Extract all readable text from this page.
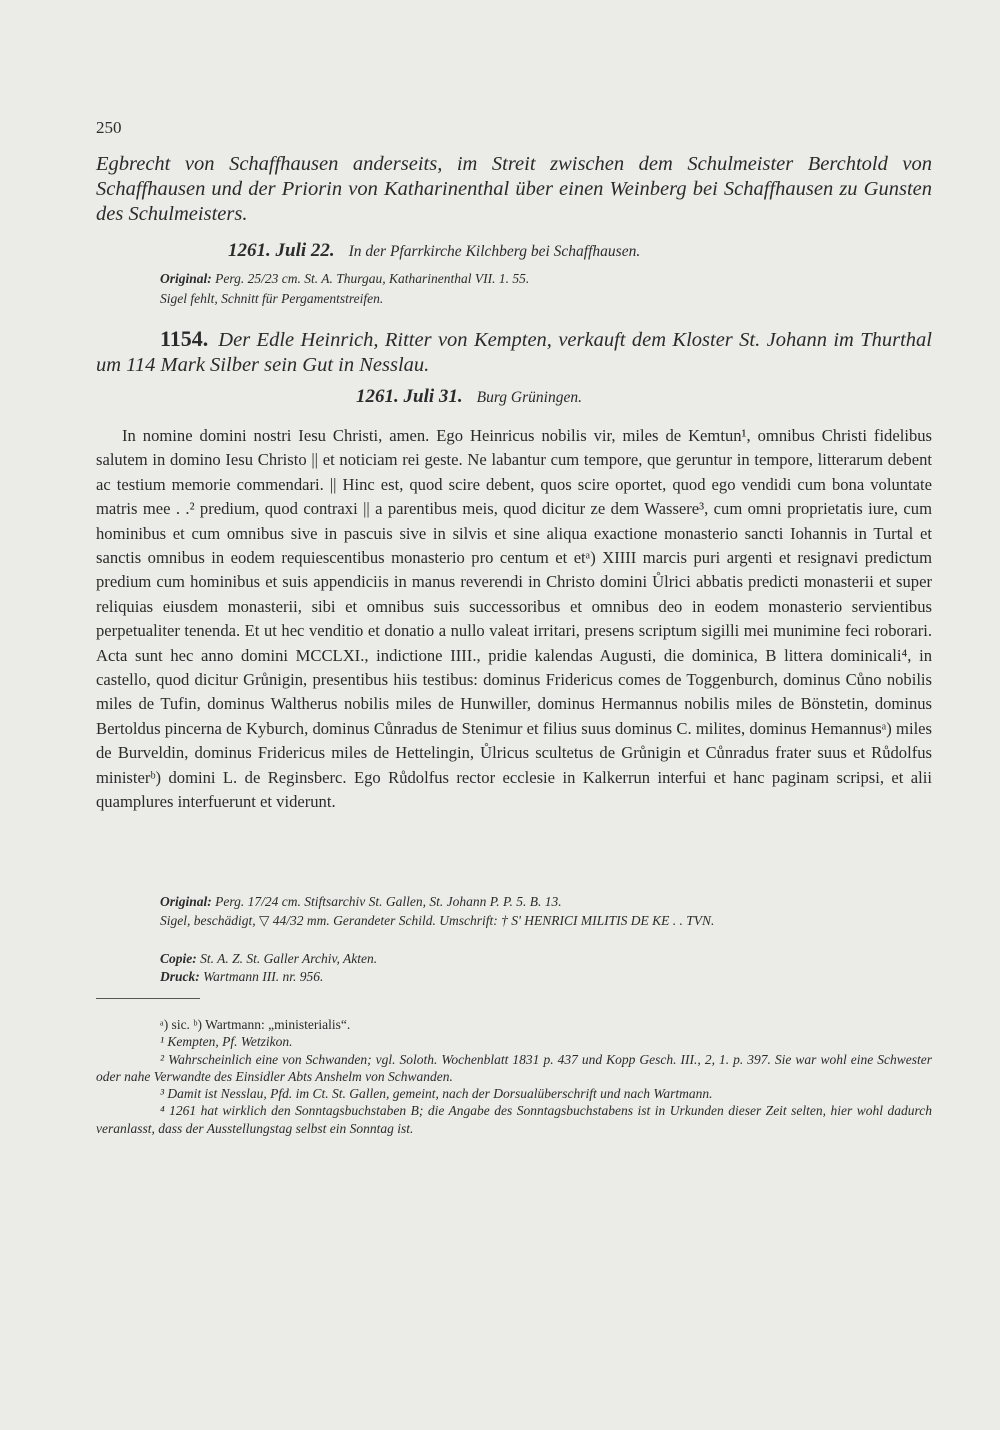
250
Egbrecht von Schaffhausen anderseits, im Streit zwischen dem Schulmeister Berchtold von Schaffhausen und der Priorin von Katharinenthal über einen Weinberg bei Schaffhausen zu Gunsten des Schulmeisters.
1261. Juli 22. In der Pfarrkirche Kilchberg bei Schaffhausen.
Original: Perg. 25/23 cm. St. A. Thurgau, Katharinenthal VII. 1. 55.
Sigel fehlt, Schnitt für Pergamentstreifen.
1154. Der Edle Heinrich, Ritter von Kempten, verkauft dem Kloster St. Johann im Thurthal um 114 Mark Silber sein Gut in Nesslau.
1261. Juli 31. Burg Grüningen.
In nomine domini nostri Iesu Christi, amen. Ego Heinricus nobilis vir, miles de Kemtun¹, omnibus Christi fidelibus salutem in domino Iesu Christo || et noticiam rei geste. Ne labantur cum tempore, que geruntur in tempore, litterarum debent ac testium memorie commendari. || Hinc est, quod scire debent, quos scire oportet, quod ego vendidi cum bona voluntate matris mee . .² predium, quod contraxi || a parentibus meis, quod dicitur ze dem Wassere³, cum omni proprietatis iure, cum hominibus et cum omnibus sive in pascuis sive in silvis et sine aliqua exactione monasterio sancti Iohannis in Turtal et sanctis omnibus in eodem requiescentibus monasterio pro centum et etᵃ) XIIII marcis puri argenti et resignavi predictum predium cum hominibus et suis appendiciis in manus reverendi in Christo domini Ůlrici abbatis predicti monasterii et super reliquias eiusdem monasterii, sibi et omnibus suis successoribus et omnibus deo in eodem monasterio servientibus perpetualiter tenenda. Et ut hec venditio et donatio a nullo valeat irritari, presens scriptum sigilli mei munimine feci roborari. Acta sunt hec anno domini MCCLXI., indictione IIII., pridie kalendas Augusti, die dominica, B littera dominicali⁴, in castello, quod dicitur Grůnigin, presentibus hiis testibus: dominus Fridericus comes de Toggenburch, dominus Cůno nobilis miles de Tufin, dominus Waltherus nobilis miles de Hunwiller, dominus Hermannus nobilis miles de Bönstetin, dominus Bertoldus pincerna de Kyburch, dominus Cůnradus de Stenimur et filius suus dominus C. milites, dominus Hemannusᵃ) miles de Burveldin, dominus Fridericus miles de Hettelingin, Ůlricus scultetus de Grůnigin et Cůnradus frater suus et Růdolfus ministerᵇ) domini L. de Reginsberc. Ego Růdolfus rector ecclesie in Kalkerrun interfui et hanc paginam scripsi, et alii quamplures interfuerunt et viderunt.
Original: Perg. 17/24 cm. Stiftsarchiv St. Gallen, St. Johann P. P. 5. B. 13.
Sigel, beschädigt, ▽ 44/32 mm. Gerandeter Schild. Umschrift: † S' HENRICI MILITIS DE KE . . TVN.
Copie: St. A. Z. St. Galler Archiv, Akten.
Druck: Wartmann III. nr. 956.
ᵃ) sic. ᵇ) Wartmann: „ministerialis“.
¹ Kempten, Pf. Wetzikon.
² Wahrscheinlich eine von Schwanden; vgl. Soloth. Wochenblatt 1831 p. 437 und Kopp Gesch. III., 2, 1. p. 397. Sie war wohl eine Schwester oder nahe Verwandte des Einsidler Abts Anshelm von Schwanden.
³ Damit ist Nesslau, Pfd. im Ct. St. Gallen, gemeint, nach der Dorsualüberschrift und nach Wartmann.
⁴ 1261 hat wirklich den Sonntagsbuchstaben B; die Angabe des Sonntagsbuchstabens ist in Urkunden dieser Zeit selten, hier wohl dadurch veranlasst, dass der Ausstellungstag selbst ein Sonntag ist.
